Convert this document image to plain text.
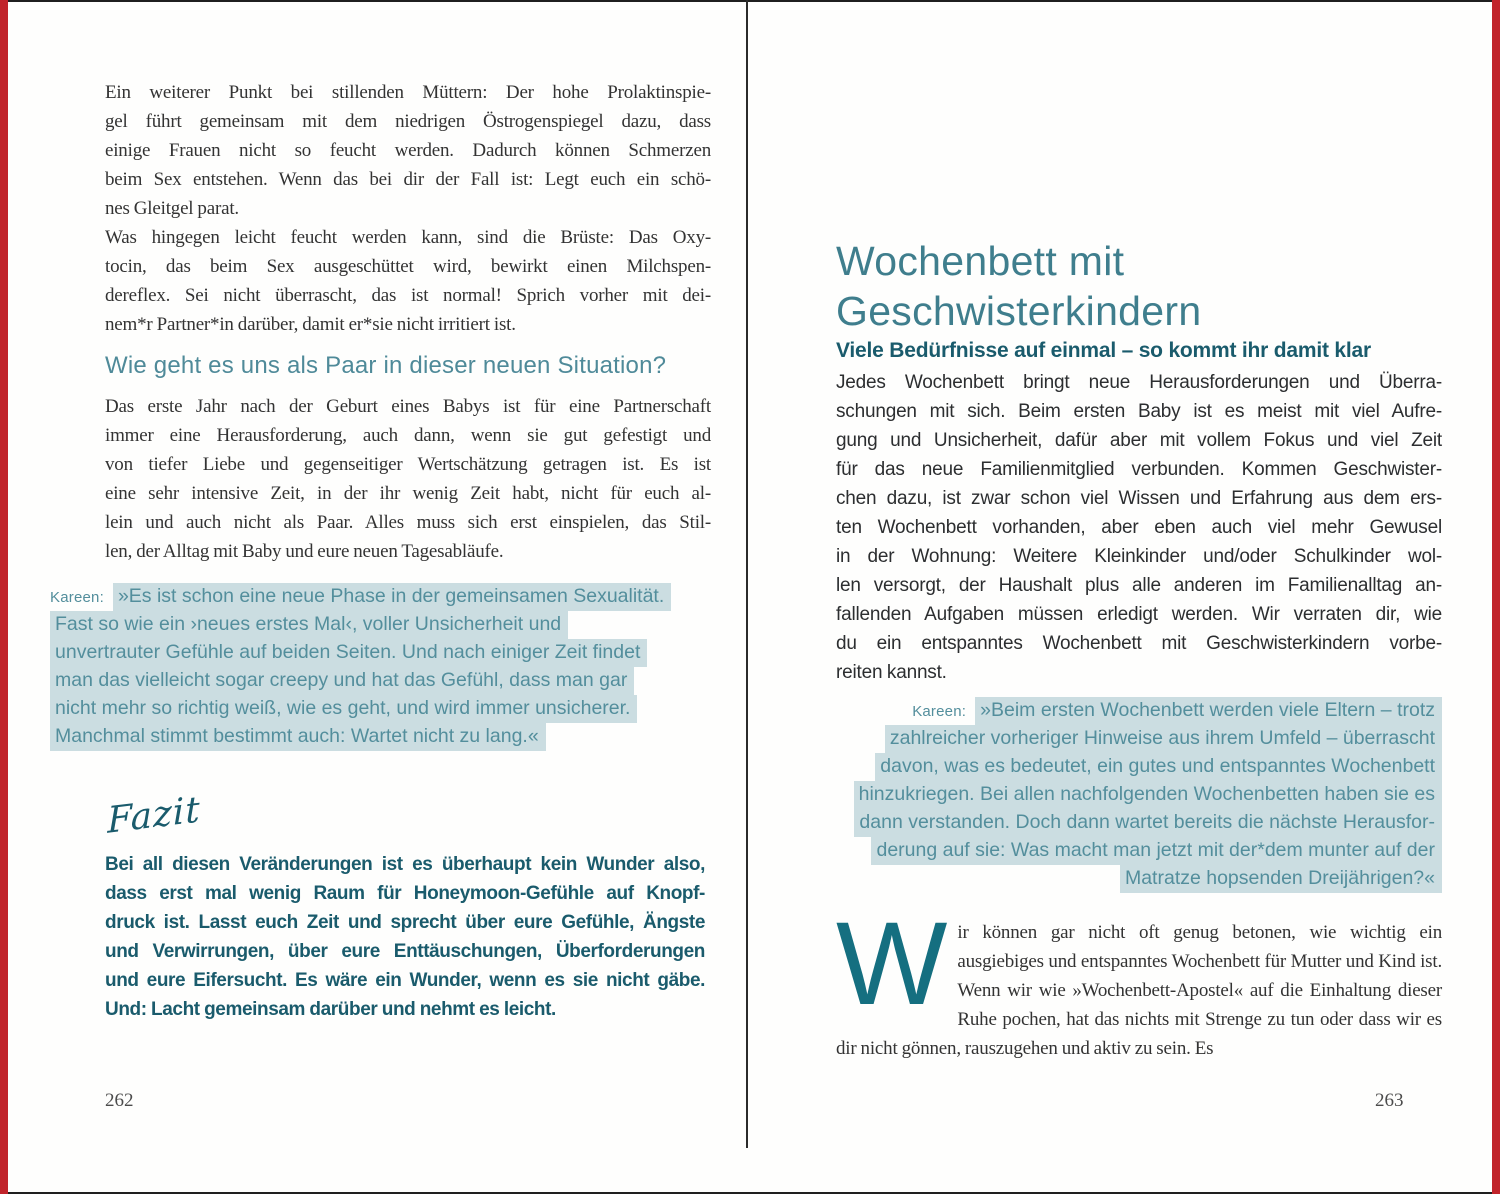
Ein weiterer Punkt bei stillenden Müttern: Der hohe Prolaktinspie-
gel führt gemeinsam mit dem niedrigen Östrogenspiegel dazu, dass
einige Frauen nicht so feucht werden. Dadurch können Schmerzen
beim Sex entstehen. Wenn das bei dir der Fall ist: Legt euch ein schö-
nes Gleitgel parat.
Was hingegen leicht feucht werden kann, sind die Brüste: Das Oxy-
tocin, das beim Sex ausgeschüttet wird, bewirkt einen Milchspen-
dereflex. Sei nicht überrascht, das ist normal! Sprich vorher mit dei-
nem*r Partner*in darüber, damit er*sie nicht irritiert ist.
Wie geht es uns als Paar in dieser neuen Situation?
Das erste Jahr nach der Geburt eines Babys ist für eine Partnerschaft
immer eine Herausforderung, auch dann, wenn sie gut gefestigt und
von tiefer Liebe und gegenseitiger Wertschätzung getragen ist. Es ist
eine sehr intensive Zeit, in der ihr wenig Zeit habt, nicht für euch al-
lein und auch nicht als Paar. Alles muss sich erst einspielen, das Stil-
len, der Alltag mit Baby und eure neuen Tagesabläufe.
Kareen: »Es ist schon eine neue Phase in der gemeinsamen Sexualität.
Fast so wie ein ›neues erstes Mal‹, voller Unsicherheit und
unvertrauter Gefühle auf beiden Seiten. Und nach einiger Zeit findet
man das vielleicht sogar creepy und hat das Gefühl, dass man gar
nicht mehr so richtig weiß, wie es geht, und wird immer unsicherer.
Manchmal stimmt bestimmt auch: Wartet nicht zu lang.«
Fazit
Bei all diesen Veränderungen ist es überhaupt kein Wunder also,
dass erst mal wenig Raum für Honeymoon-Gefühle auf Knopf-
druck ist. Lasst euch Zeit und sprecht über eure Gefühle, Ängste
und Verwirrungen, über eure Enttäuschungen, Überforderungen
und eure Eifersucht. Es wäre ein Wunder, wenn es sie nicht gäbe.
Und: Lacht gemeinsam darüber und nehmt es leicht.
262
Wochenbett mit
Geschwisterkindern
Viele Bedürfnisse auf einmal – so kommt ihr damit klar
Jedes Wochenbett bringt neue Herausforderungen und Überra-
schungen mit sich. Beim ersten Baby ist es meist mit viel Aufre-
gung und Unsicherheit, dafür aber mit vollem Fokus und viel Zeit
für das neue Familienmitglied verbunden. Kommen Geschwister-
chen dazu, ist zwar schon viel Wissen und Erfahrung aus dem ers-
ten Wochenbett vorhanden, aber eben auch viel mehr Gewusel
in der Wohnung: Weitere Kleinkinder und/oder Schulkinder wol-
len versorgt, der Haushalt plus alle anderen im Familienalltag an-
fallenden Aufgaben müssen erledigt werden. Wir verraten dir, wie
du ein entspanntes Wochenbett mit Geschwisterkindern vorbe-
reiten kannst.
Kareen: »Beim ersten Wochenbett werden viele Eltern – trotz
zahlreicher vorheriger Hinweise aus ihrem Umfeld – überrascht
davon, was es bedeutet, ein gutes und entspanntes Wochenbett
hinzukriegen. Bei allen nachfolgenden Wochenbetten haben sie es
dann verstanden. Doch dann wartet bereits die nächste Herausfor-
derung auf sie: Was macht man jetzt mit der*dem munter auf der
Matratze hopsenden Dreijährigen?«
Wir können gar nicht oft genug betonen, wie wichtig ein ausgiebiges und entspanntes Wochenbett für Mutter und Kind ist. Wenn wir wie »Wochenbett-Apostel« auf die Einhaltung dieser Ruhe pochen, hat das nichts mit Strenge zu tun oder dass wir es dir nicht gönnen, rauszugehen und aktiv zu sein. Es
263
